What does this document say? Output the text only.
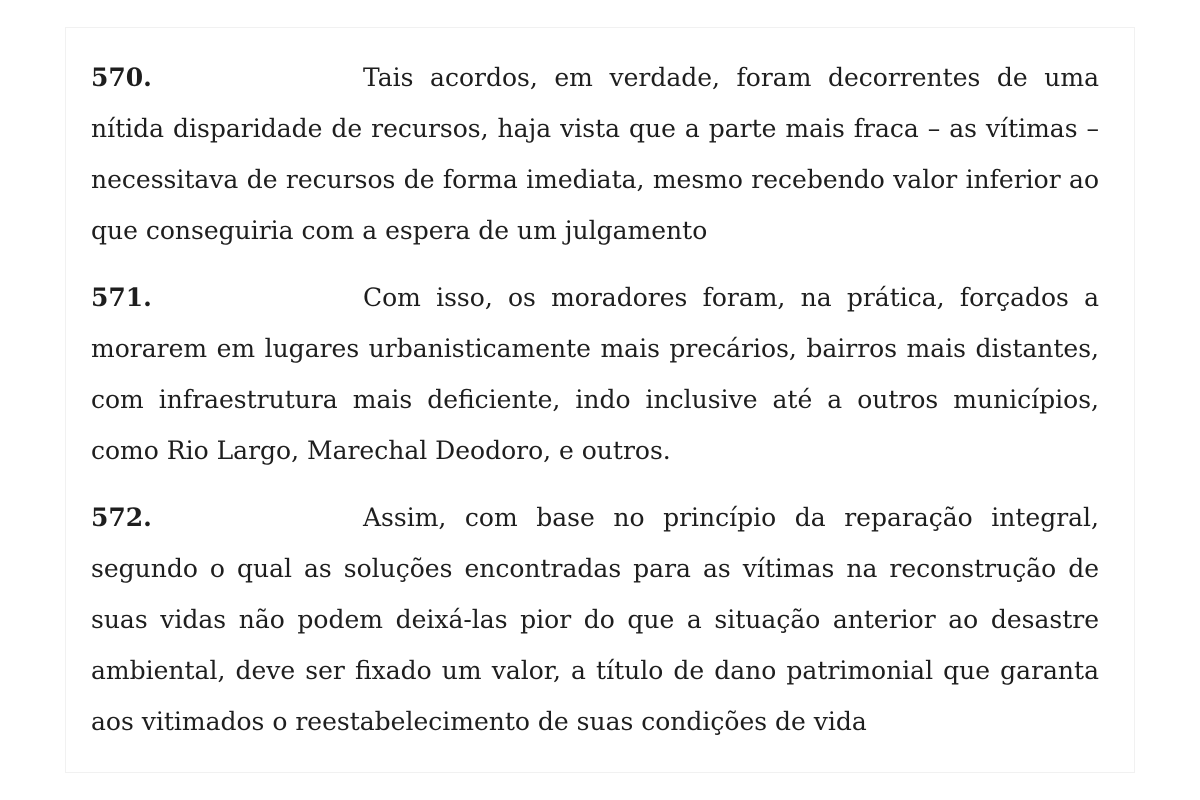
570.	Tais acordos, em verdade, foram decorrentes de uma nítida disparidade de recursos, haja vista que a parte mais fraca – as vítimas – necessitava de recursos de forma imediata, mesmo recebendo valor inferior ao que conseguiria com a espera de um julgamento

571.	Com isso, os moradores foram, na prática, forçados a morarem em lugares urbanisticamente mais precários, bairros mais distantes, com infraestrutura mais deficiente, indo inclusive até a outros municípios, como Rio Largo, Marechal Deodoro, e outros.

572.	Assim, com base no princípio da reparação integral, segundo o qual as soluções encontradas para as vítimas na reconstrução de suas vidas não podem deixá-las pior do que a situação anterior ao desastre ambiental, deve ser fixado um valor, a título de dano patrimonial que garanta aos vitimados o reestabelecimento de suas condições de vida
